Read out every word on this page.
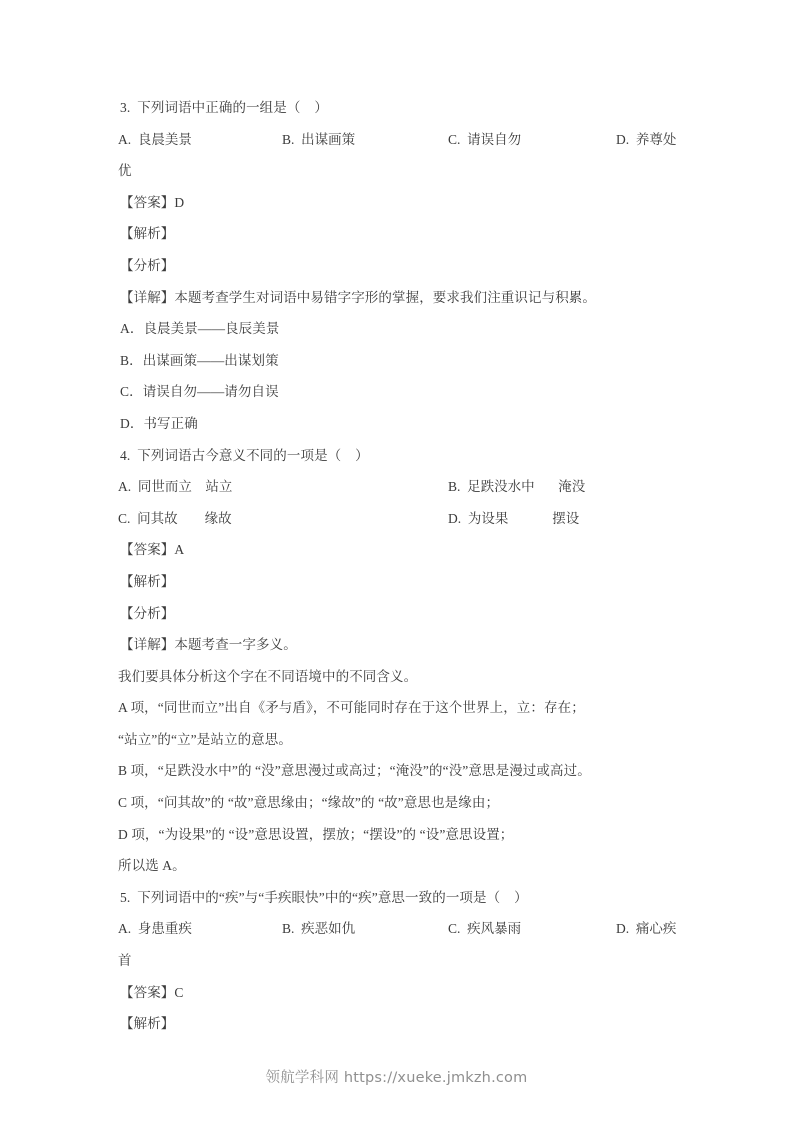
3.  下列词语中正确的一组是（    ）
A.  良晨美景	B.  出谋画策	C.  请误自勿	D.  养尊处
优
【答案】D
【解析】
【分析】
【详解】本题考查学生对词语中易错字字形的掌握，要求我们注重识记与积累。
A．良晨美景——良辰美景
B．出谋画策——出谋划策
C．请误自勿——请勿自误
D．书写正确
4.  下列词语古今意义不同的一项是（    ）
A.  同世而立    站立	B.  足跌没水中       淹没
C.  问其故        缘故	D.  为设果             摆设
【答案】A
【解析】
【分析】
【详解】本题考查一字多义。
我们要具体分析这个字在不同语境中的不同含义。
A 项，“同世而立”出自《矛与盾》，不可能同时存在于这个世界上，立：存在；
“站立”的“立”是站立的意思。
B 项，“足跌没水中”的 “没”意思漫过或高过；“淹没”的“没”意思是漫过或高过。
C 项，“问其故”的 “故”意思缘由；“缘故”的 “故”意思也是缘由；
D 项，“为设果”的 “设”意思设置，摆放；“摆设”的 “设”意思设置；
所以选 A。
5.  下列词语中的“疾”与“手疾眼快”中的“疾”意思一致的一项是（    ）
A.  身患重疾	B.  疾恶如仇	C.  疾风暴雨	D.  痛心疾
首
【答案】C
【解析】
领航学科网 https://xueke.jmkzh.com
